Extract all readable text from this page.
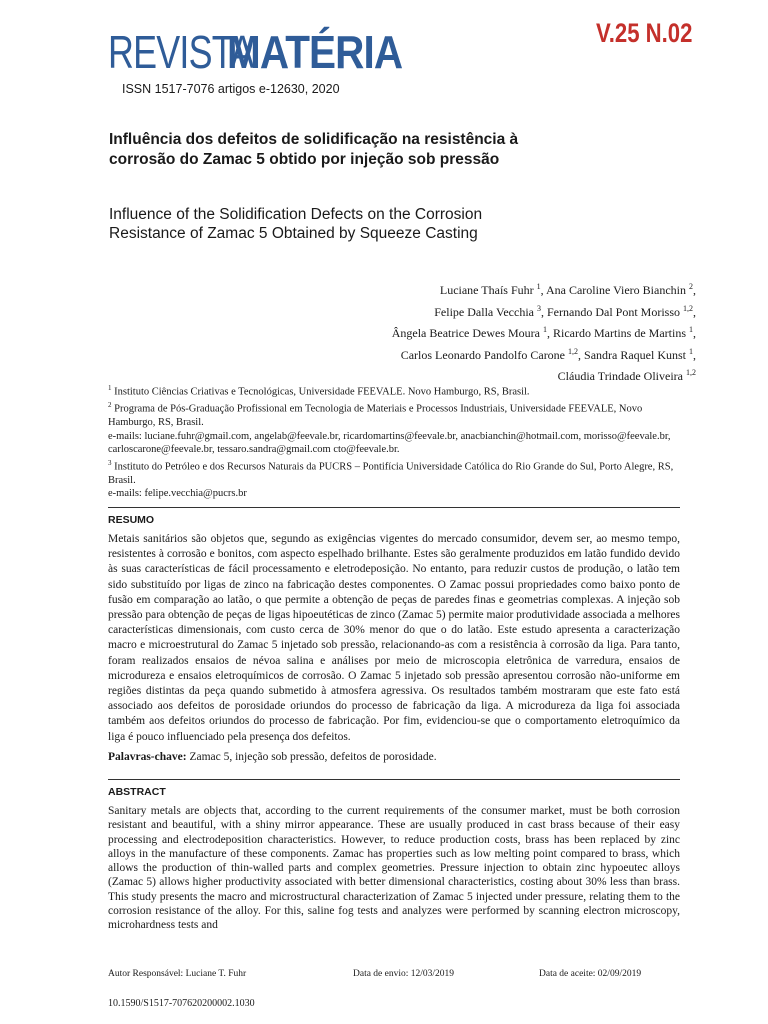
REVISTA
MATÉRIA
ISSN 1517-7076 artigos e-12630, 2020
V.25 N.02
Influência dos defeitos de solidificação na resistência à corrosão do Zamac 5 obtido por injeção sob pressão
Influence of the Solidification Defects on the Corrosion Resistance of Zamac 5 Obtained by Squeeze Casting
Luciane Thaís Fuhr $^1$, Ana Caroline Viero Bianchin $^2$,
Felipe Dalla Vecchia $^3$, Fernando Dal Pont Morisso $^{1,2}$,
Ângela Beatrice Dewes Moura $^1$, Ricardo Martins de Martins $^1$,
Carlos Leonardo Pandolfo Carone $^{1,2}$, Sandra Raquel Kunst $^1$,
Cláudia Trindade Oliveira $^{1,2}$
$^1$ Instituto Ciências Criativas e Tecnológicas, Universidade FEEVALE. Novo Hamburgo, RS, Brasil.
$^2$ Programa de Pós-Graduação Profissional em Tecnologia de Materiais e Processos Industriais, Universidade FEEVALE, Novo Hamburgo, RS, Brasil.
e-mails: luciane.fuhr@gmail.com, angelab@feevale.br, ricardomartins@feevale.br, anacbianchin@hotmail.com, morisso@feevale.br, carloscarone@feevale.br, tessaro.sandra@gmail.com cto@feevale.br.
$^3$ Instituto do Petróleo e dos Recursos Naturais da PUCRS – Pontifícia Universidade Católica do Rio Grande do Sul, Porto Alegre, RS, Brasil.
e-mails: felipe.vecchia@pucrs.br
RESUMO

Metais sanitários são objetos que, segundo as exigências vigentes do mercado consumidor, devem ser, ao mesmo tempo, resistentes à corrosão e bonitos, com aspecto espelhado brilhante. Estes são geralmente produzidos em latão fundido devido às suas características de fácil processamento e eletrodeposição. No entanto, para reduzir custos de produção, o latão tem sido substituído por ligas de zinco na fabricação destes componentes. O Zamac possui propriedades como baixo ponto de fusão em comparação ao latão, o que permite a obtenção de peças de paredes finas e geometrias complexas. A injeção sob pressão para obtenção de peças de ligas hipoeutéticas de zinco (Zamac 5) permite maior produtividade associada a melhores características dimensionais, com custo cerca de 30% menor do que o do latão. Este estudo apresenta a caracterização macro e microestrutural do Zamac 5 injetado sob pressão, relacionando-as com a resistência à corrosão da liga. Para tanto, foram realizados ensaios de névoa salina e análises por meio de microscopia eletrônica de varredura, ensaios de microdureza e ensaios eletroquímicos de corrosão. O Zamac 5 injetado sob pressão apresentou corrosão não-uniforme em regiões distintas da peça quando submetido à atmosfera agressiva. Os resultados também mostraram que este fato está associado aos defeitos de porosidade oriundos do processo de fabricação da liga. A microdureza da liga foi associada também aos defeitos oriundos do processo de fabricação. Por fim, evidenciou-se que o comportamento eletroquímico da liga é pouco influenciado pela presença dos defeitos.

Palavras-chave: Zamac 5, injeção sob pressão, defeitos de porosidade.

ABSTRACT

Sanitary metals are objects that, according to the current requirements of the consumer market, must be both corrosion resistant and beautiful, with a shiny mirror appearance. These are usually produced in cast brass because of their easy processing and electrodeposition characteristics. However, to reduce production costs, brass has been replaced by zinc alloys in the manufacture of these components. Zamac has properties such as low melting point compared to brass, which allows the production of thin-walled parts and complex geometries. Pressure injection to obtain zinc hypoeutec alloys (Zamac 5) allows higher productivity associated with better dimensional characteristics, costing about 30% less than brass. This study presents the macro and microstructural characterization of Zamac 5 injected under pressure, relating them to the corrosion resistance of the alloy. For this, saline fog tests and analyzes were performed by scanning electron microscopy, microhardness tests and

Autor Responsável: Luciane T. Fuhr	Data de envio: 12/03/2019	Data de aceite: 02/09/2019
10.1590/S1517-707620200002.1030
